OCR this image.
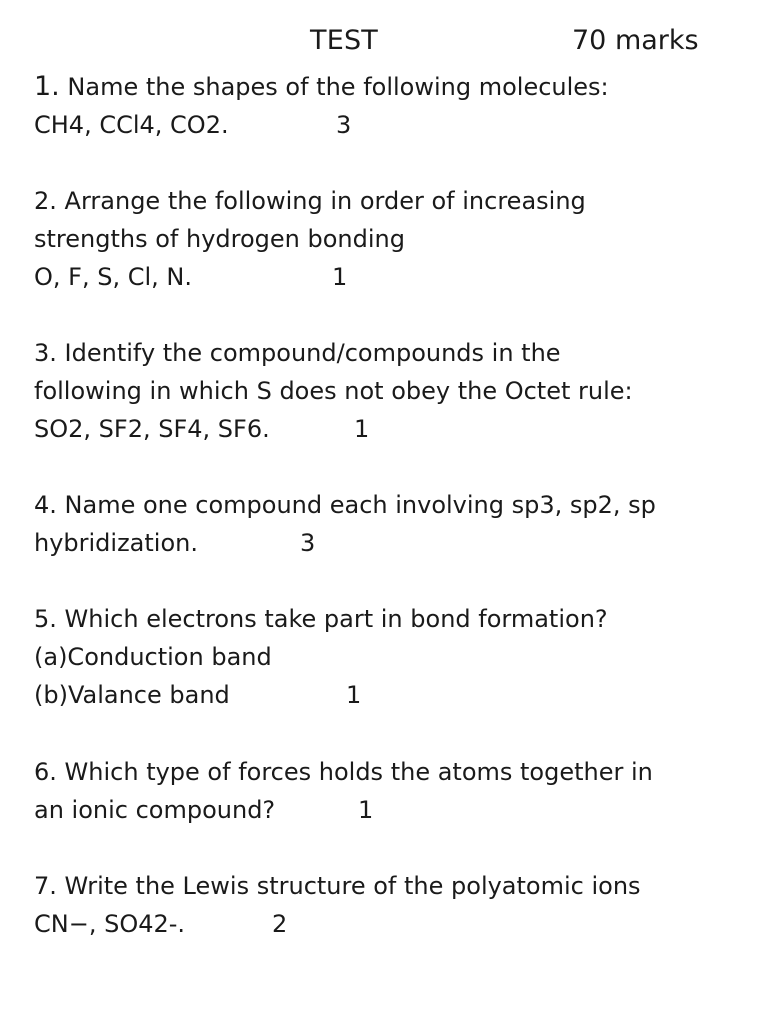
TEST	70 marks
1. Name the shapes of the following molecules:
CH4, CCl4, CO2.	3
2. Arrange the following in order of increasing
strengths of hydrogen bonding
O, F, S, Cl, N.	1
3. Identify the compound/compounds in the
following in which S does not obey the Octet rule:
SO2, SF2, SF4, SF6.	1
4. Name one compound each involving sp3, sp2, sp
hybridization.	3
5. Which electrons take part in bond formation?
(a)Conduction band
(b)Valance band	1
6. Which type of forces holds the atoms together in
an ionic compound?	1
7. Write the Lewis structure of the polyatomic ions
CN−, SO42-.	2
